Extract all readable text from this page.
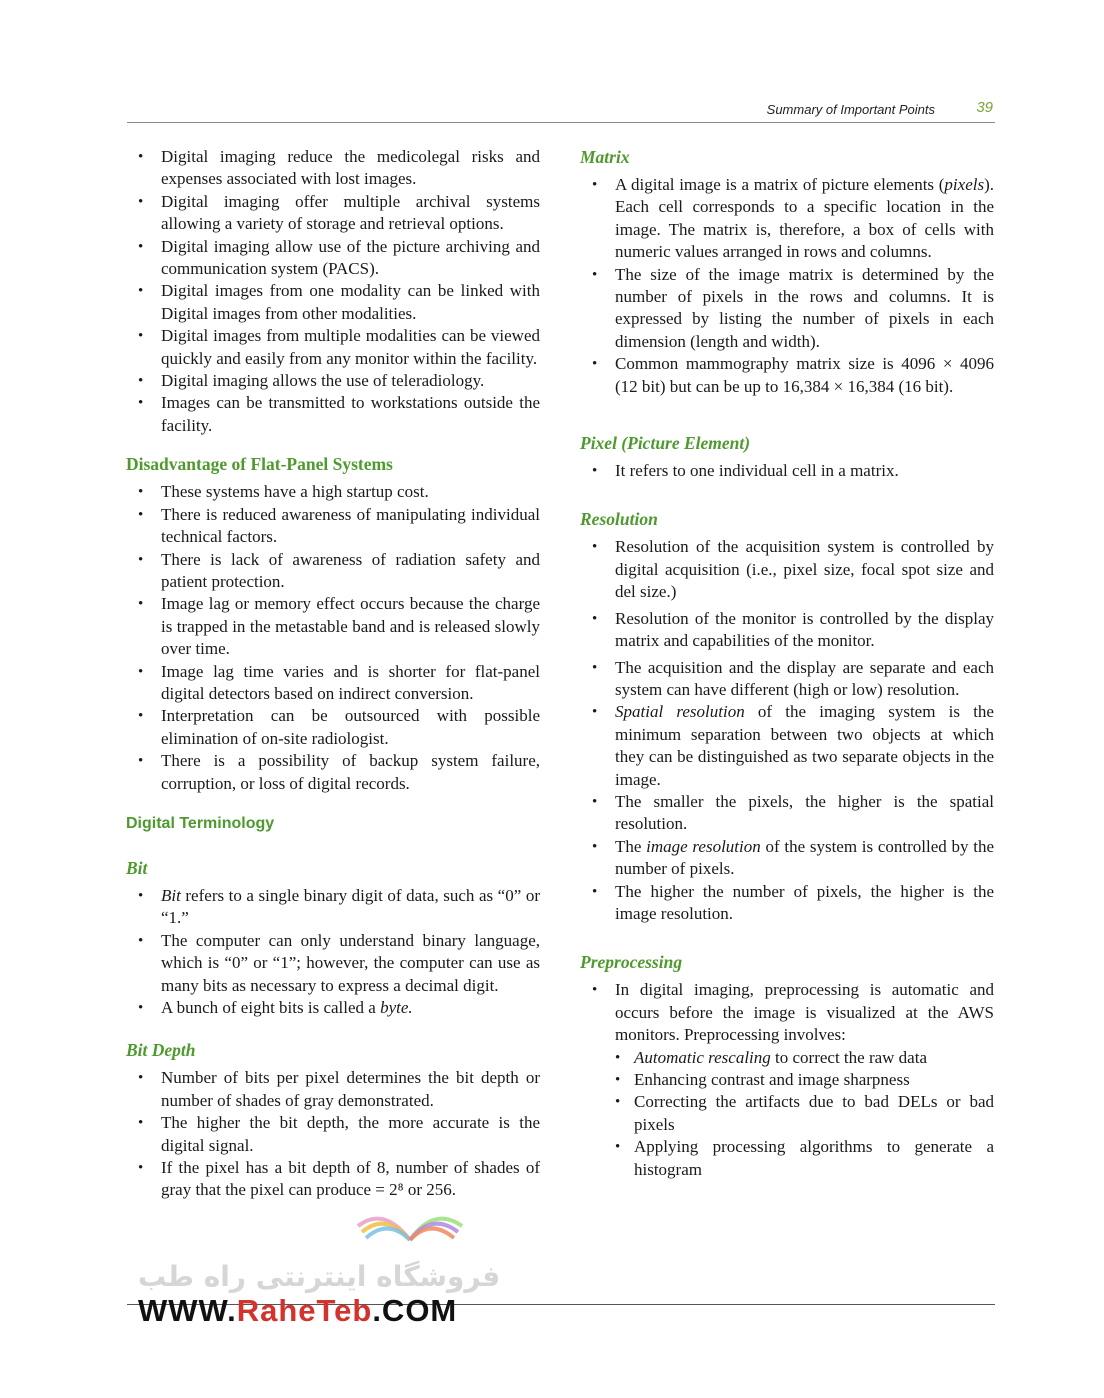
Summary of Important Points	39
• Digital imaging reduce the medicolegal risks and expenses associated with lost images.
• Digital imaging offer multiple archival systems allowing a variety of storage and retrieval options.
• Digital imaging allow use of the picture archiving and communication system (PACS).
• Digital images from one modality can be linked with Digital images from other modalities.
• Digital images from multiple modalities can be viewed quickly and easily from any monitor within the facility.
• Digital imaging allows the use of teleradiology.
• Images can be transmitted to workstations outside the facility.
Disadvantage of Flat-Panel Systems
• These systems have a high startup cost.
• There is reduced awareness of manipulating individual technical factors.
• There is lack of awareness of radiation safety and patient protection.
• Image lag or memory effect occurs because the charge is trapped in the metastable band and is released slowly over time.
• Image lag time varies and is shorter for flat-panel digital detectors based on indirect conversion.
• Interpretation can be outsourced with possible elimination of on-site radiologist.
• There is a possibility of backup system failure, corruption, or loss of digital records.
Digital Terminology
Bit
• Bit refers to a single binary digit of data, such as “0” or “1.”
• The computer can only understand binary language, which is “0” or “1”; however, the computer can use as many bits as necessary to express a decimal digit.
• A bunch of eight bits is called a byte.
Bit Depth
• Number of bits per pixel determines the bit depth or number of shades of gray demonstrated.
• The higher the bit depth, the more accurate is the digital signal.
• If the pixel has a bit depth of 8, number of shades of gray that the pixel can produce = 2⁸ or 256.
Matrix
• A digital image is a matrix of picture elements (pixels). Each cell corresponds to a specific location in the image. The matrix is, therefore, a box of cells with numeric values arranged in rows and columns.
• The size of the image matrix is determined by the number of pixels in the rows and columns. It is expressed by listing the number of pixels in each dimension (length and width).
• Common mammography matrix size is 4096 × 4096 (12 bit) but can be up to 16,384 × 16,384 (16 bit).
Pixel (Picture Element)
• It refers to one individual cell in a matrix.
Resolution
• Resolution of the acquisition system is controlled by digital acquisition (i.e., pixel size, focal spot size and del size.)
• Resolution of the monitor is controlled by the display matrix and capabilities of the monitor.
• The acquisition and the display are separate and each system can have different (high or low) resolution.
• Spatial resolution of the imaging system is the minimum separation between two objects at which they can be distinguished as two separate objects in the image.
• The smaller the pixels, the higher is the spatial resolution.
• The image resolution of the system is controlled by the number of pixels.
• The higher the number of pixels, the higher is the image resolution.
Preprocessing
• In digital imaging, preprocessing is automatic and occurs before the image is visualized at the AWS monitors. Preprocessing involves:
• Automatic rescaling to correct the raw data
• Enhancing contrast and image sharpness
• Correcting the artifacts due to bad DELs or bad pixels
• Applying processing algorithms to generate a histogram
فروشگاه اینترنتی راه طب
WWW.RaheTeb.COM
